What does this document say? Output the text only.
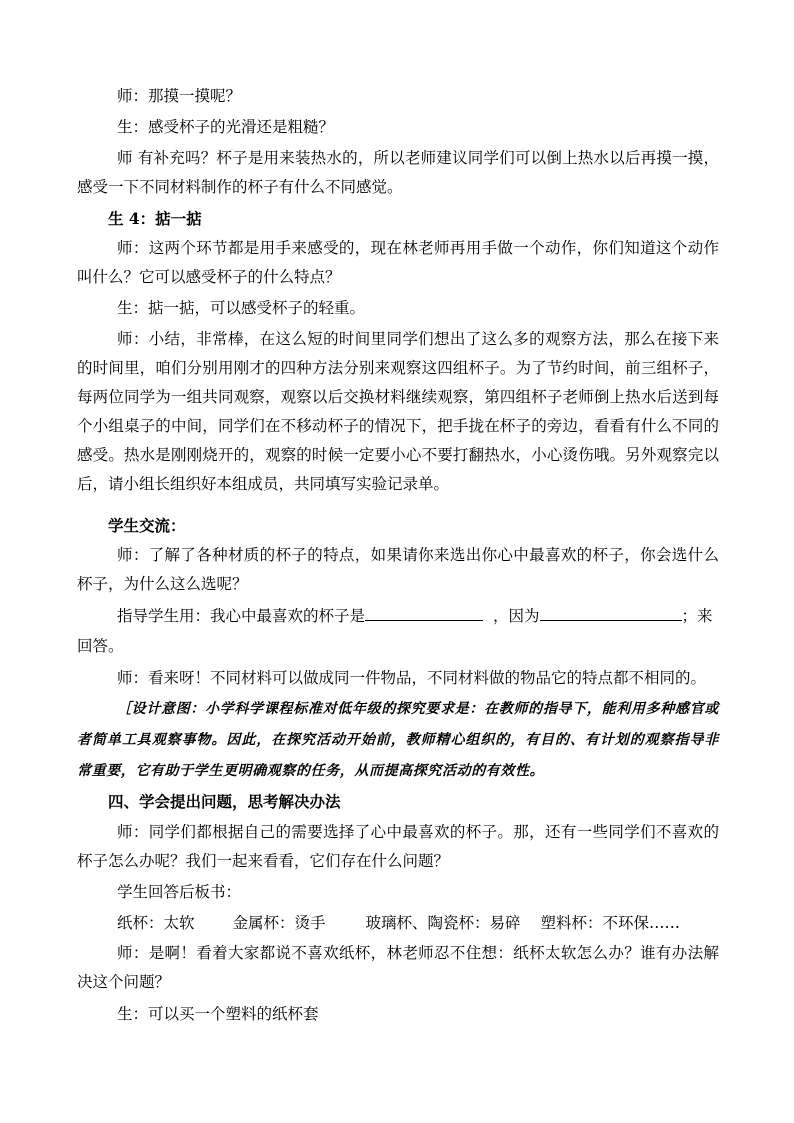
师：那摸一摸呢？

生：感受杯子的光滑还是粗糙？

师 有补充吗？杯子是用来装热水的，所以老师建议同学们可以倒上热水以后再摸一摸，感受一下不同材料制作的杯子有什么不同感觉。

生 4：掂一掂

师：这两个环节都是用手来感受的，现在林老师再用手做一个动作，你们知道这个动作叫什么？它可以感受杯子的什么特点？

生：掂一掂，可以感受杯子的轻重。

师：小结，非常棒，在这么短的时间里同学们想出了这么多的观察方法，那么在接下来的时间里，咱们分别用刚才的四种方法分别来观察这四组杯子。为了节约时间，前三组杯子，每两位同学为一组共同观察，观察以后交换材料继续观察，第四组杯子老师倒上热水后送到每个小组桌子的中间，同学们在不移动杯子的情况下，把手拢在杯子的旁边，看看有什么不同的感受。热水是刚刚烧开的，观察的时候一定要小心不要打翻热水，小心烫伤哦。另外观察完以后，请小组长组织好本组成员，共同填写实验记录单。

学生交流：

师：了解了各种材质的杯子的特点，如果请你来选出你心中最喜欢的杯子，你会选什么杯子，为什么这么选呢？

指导学生用：我心中最喜欢的杯子是	，因为	；来

回答。

师：看来呀！不同材料可以做成同一件物品，不同材料做的物品它的特点都不相同的。

［设计意图：小学科学课程标准对低年级的探究要求是：在教师的指导下，能利用多种感官或者简单工具观察事物。因此，在探究活动开始前，教师精心组织的，有目的、有计划的观察指导非常重要，它有助于学生更明确观察的任务，从而提高探究活动的有效性。

四、学会提出问题，思考解决办法

师：同学们都根据自己的需要选择了心中最喜欢的杯子。那，还有一些同学们不喜欢的杯子怎么办呢？我们一起来看看，它们存在什么问题？

学生回答后板书：

纸杯：太软 金属杯：烫手	玻璃杯、陶瓷杯：易碎 塑料杯：不环保……

师：是啊！看着大家都说不喜欢纸杯，林老师忍不住想：纸杯太软怎么办？谁有办法解决这个问题？

生：可以买一个塑料的纸杯套
